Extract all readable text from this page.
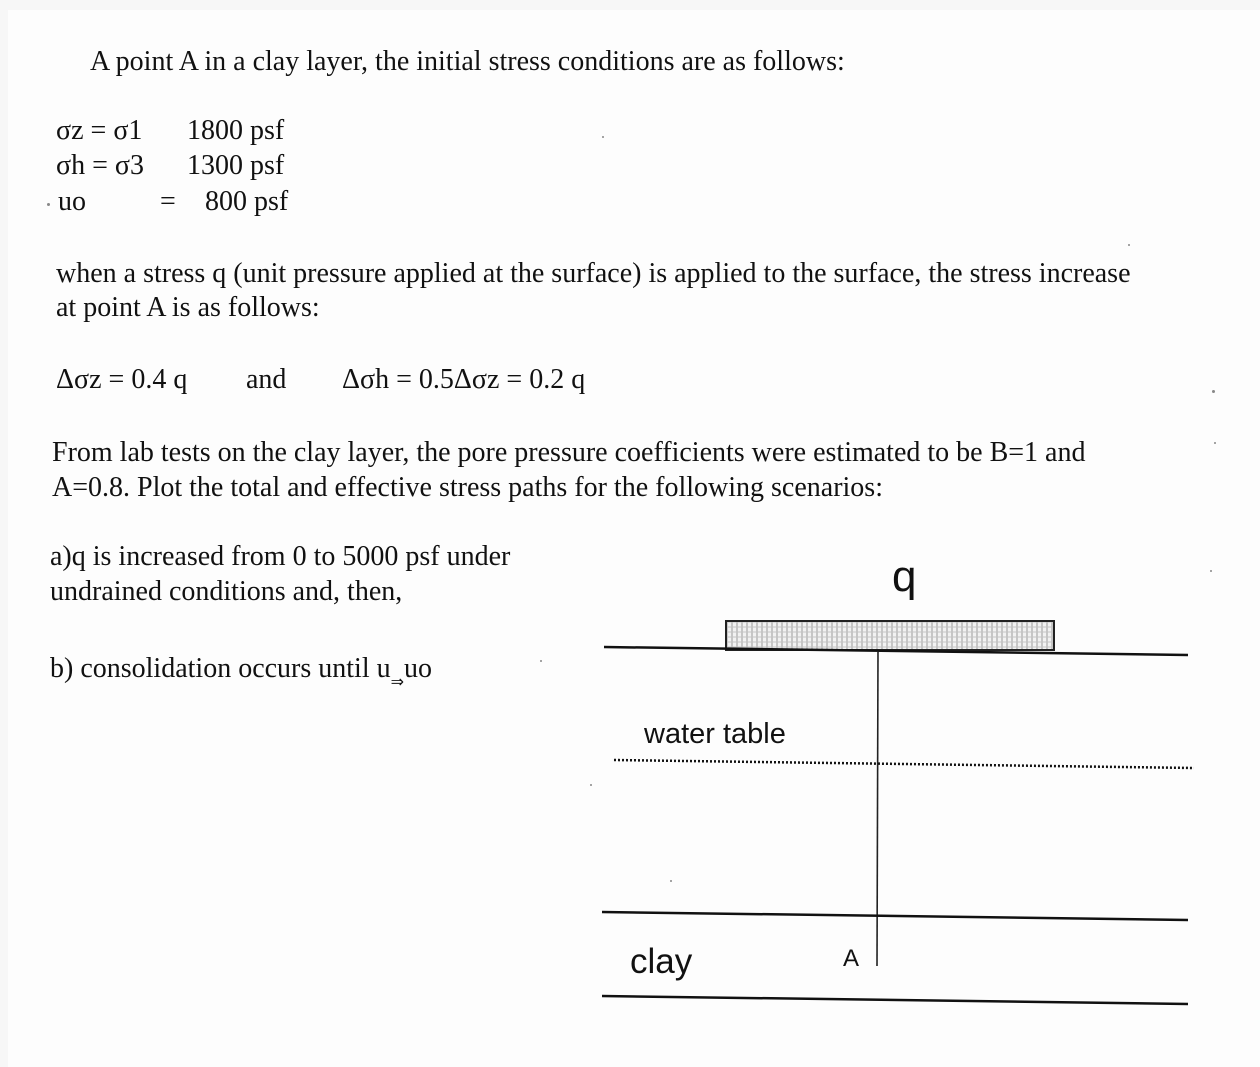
A point A in a clay layer, the initial stress conditions are as follows:
σz = σ1 1800 psf
σh = σ3 1300 psf
uo	= 800 psf
when a stress q (unit pressure applied at the surface) is applied to the surface, the stress increase
at point A is as follows:
Δσz = 0.4 q and Δσh = 0.5Δσz = 0.2 q
From lab tests on the clay layer, the pore pressure coefficients were estimated to be B=1 and
A=0.8. Plot the total and effective stress paths for the following scenarios:
a)q is increased from 0 to 5000 psf under
undrained conditions and, then,
b) consolidation occurs until u⇒uo
q
water table
clay	A
